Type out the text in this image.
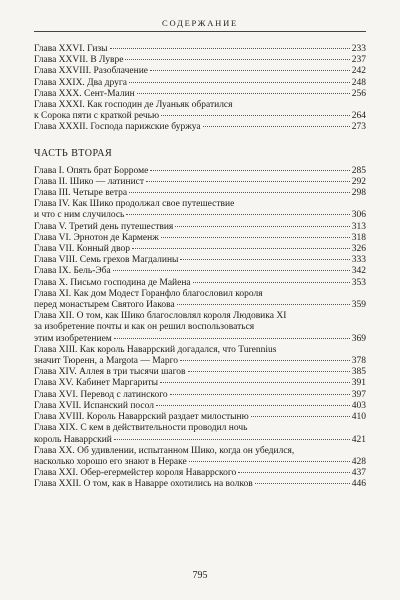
СОДЕРЖАНИЕ
Глава XXVI. Гизы	233
Глава XXVII. В Лувре	237
Глава XXVIII. Разоблачение	242
Глава XXIX. Два друга	248
Глава XXX. Сент-Малин	256
Глава XXXI. Как господин де Луаньяк обратился
к Сорока пяти с краткой речью	264
Глава XXXII. Господа парижские буржуа	273
ЧАСТЬ ВТОРАЯ
Глава I. Опять брат Борроме	285
Глава II. Шико — латинист	292
Глава III. Четыре ветра	298
Глава IV. Как Шико продолжал свое путешествие
и что с ним случилось	306
Глава V. Третий день путешествия	313
Глава VI. Эрнотон де Карменж	318
Глава VII. Конный двор	326
Глава VIII. Семь грехов Магдалины	333
Глава IX. Бель-Эба	342
Глава X. Письмо господина де Майена	353
Глава XI. Как дом Модест Горанфло благословил короля
перед монастырем Святого Иакова	359
Глава XII. О том, как Шико благословлял короля Людовика XI
за изобретение почты и как он решил воспользоваться
этим изобретением	369
Глава XIII. Как король Наваррский догадался, что Turennius
значит Тюренн, а Margota — Марго	378
Глава XIV. Аллея в три тысячи шагов	385
Глава XV. Кабинет Маргариты	391
Глава XVI. Перевод с латинского	397
Глава XVII. Испанский посол	403
Глава XVIII. Король Наваррский раздает милостыню	410
Глава XIX. С кем в действительности проводил ночь
король Наваррский	421
Глава XX. Об удивлении, испытанном Шико, когда он убедился,
насколько хорошо его знают в Нераке	428
Глава XXI. Обер-егермейстер короля Наваррского	437
Глава XXII. О том, как в Наварре охотились на волков	446
795
